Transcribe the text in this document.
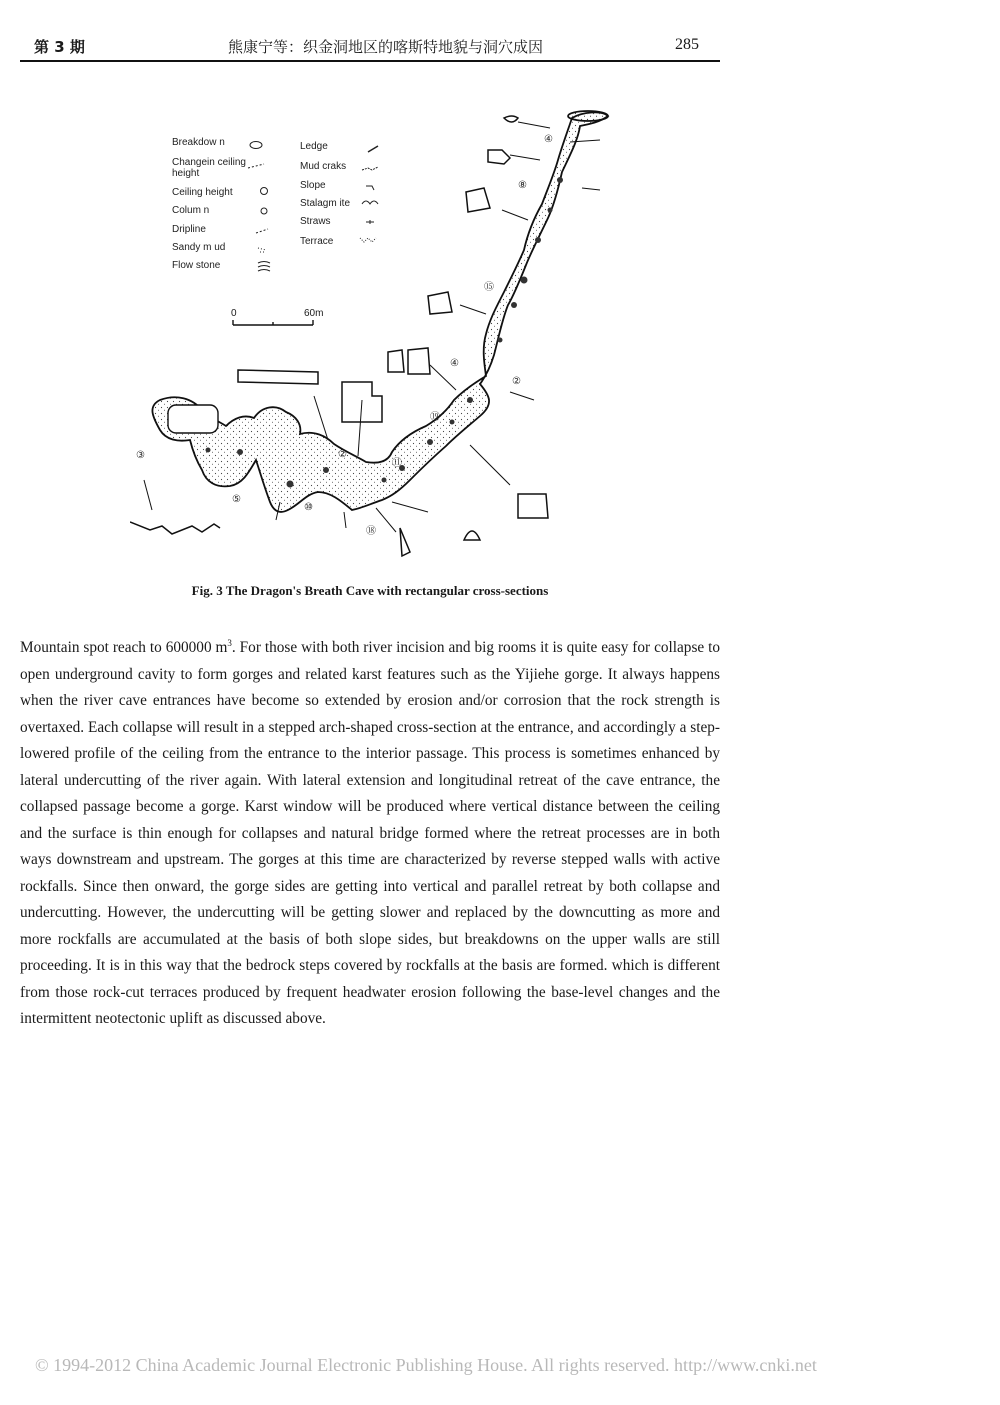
第 3 期	熊康宁等：织金洞地区的喀斯特地貌与洞穴成因	285
Breakdow n
Changein ceiling
height
Ceiling height
Colum n
Dripline
Sandy m ud
Flow stone
Ledge
Mud craks
Slope
Stalagm ite
Straws
Terrace
0	60m
④
⑧
⑮
④
②
⑲
⑪
②
③
⑤
⑩
⑱
Fig. 3 The Dragon's Breath Cave with rectangular cross-sections
Mountain spot reach to 600000 $m^3$. For those with both river incision and big rooms it is quite easy for collapse to open underground cavity to form gorges and related karst features such as the Yijiehe gorge. It always happens when the river cave entrances have become so extended by erosion and/or corrosion that the rock strength is overtaxed. Each collapse will result in a stepped arch-shaped cross-section at the entrance, and accordingly a step-lowered profile of the ceiling from the entrance to the interior passage. This process is sometimes enhanced by lateral undercutting of the river again. With lateral extension and longitudinal retreat of the cave entrance, the collapsed passage become a gorge. Karst window will be produced where vertical distance between the ceiling and the surface is thin enough for collapses and natural bridge formed where the retreat processes are in both ways downstream and upstream. The gorges at this time are characterized by reverse stepped walls with active rockfalls. Since then onward, the gorge sides are getting into vertical and parallel retreat by both collapse and undercutting. However, the undercutting will be getting slower and replaced by the downcutting as more and more rockfalls are accumulated at the basis of both slope sides, but breakdowns on the upper walls are still proceeding. It is in this way that the bedrock steps covered by rockfalls at the basis are formed. which is different from those rock-cut terraces produced by frequent headwater erosion following the base-level changes and the intermittent neotectonic uplift as discussed above.
© 1994-2012 China Academic Journal Electronic Publishing House. All rights reserved. http://www.cnki.net
